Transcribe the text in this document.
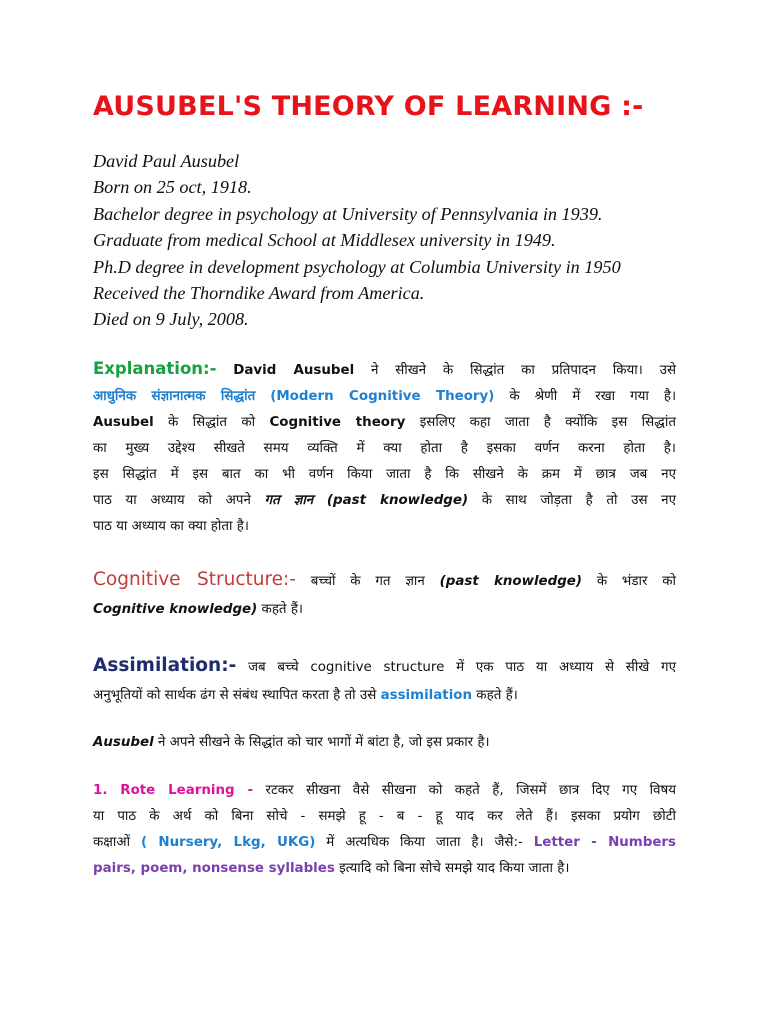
AUSUBEL'S THEORY OF LEARNING :-
David Paul Ausubel
Born on 25 oct, 1918.
Bachelor degree in psychology at University of Pennsylvania in 1939.
Graduate from medical School at Middlesex university in 1949.
Ph.D degree in development psychology at Columbia University in 1950
Received the Thorndike Award from America.
Died on 9 July, 2008.
Explanation:- David Ausubel ने सीखने के सिद्धांत का प्रतिपादन किया। उसे
आधुनिक संज्ञानात्मक सिद्धांत (Modern Cognitive Theory) के श्रेणी में रखा गया है।
Ausubel के सिद्धांत को Cognitive theory इसलिए कहा जाता है क्योंकि इस सिद्धांत
का मुख्य उद्देश्य सीखते समय व्यक्ति में क्या होता है इसका वर्णन करना होता है।
इस सिद्धांत में इस बात का भी वर्णन किया जाता है कि सीखने के क्रम में छात्र जब नए
पाठ या अध्याय को अपने गत ज्ञान (past knowledge) के साथ जोड़ता है तो उस नए
पाठ या अध्याय का क्या होता है।
Cognitive Structure:- बच्चों के गत ज्ञान (past knowledge) के भंडार को
Cognitive knowledge) कहते हैं।
Assimilation:- जब बच्चे cognitive structure में एक पाठ या अध्याय से सीखे गए
अनुभूतियों को सार्थक ढंग से संबंध स्थापित करता है तो उसे assimilation कहते हैं।
Ausubel ने अपने सीखने के सिद्धांत को चार भागों में बांटा है, जो इस प्रकार है।
1. Rote Learning - रटकर सीखना वैसे सीखना को कहते हैं, जिसमें छात्र दिए गए विषय
या पाठ के अर्थ को बिना सोचे - समझे हू - ब - हू याद कर लेते हैं। इसका प्रयोग छोटी
कक्षाओं ( Nursery, Lkg, UKG) में अत्यधिक किया जाता है। जैसे:- Letter - Numbers
pairs, poem, nonsense syllables इत्यादि को बिना सोचे समझे याद किया जाता है।
